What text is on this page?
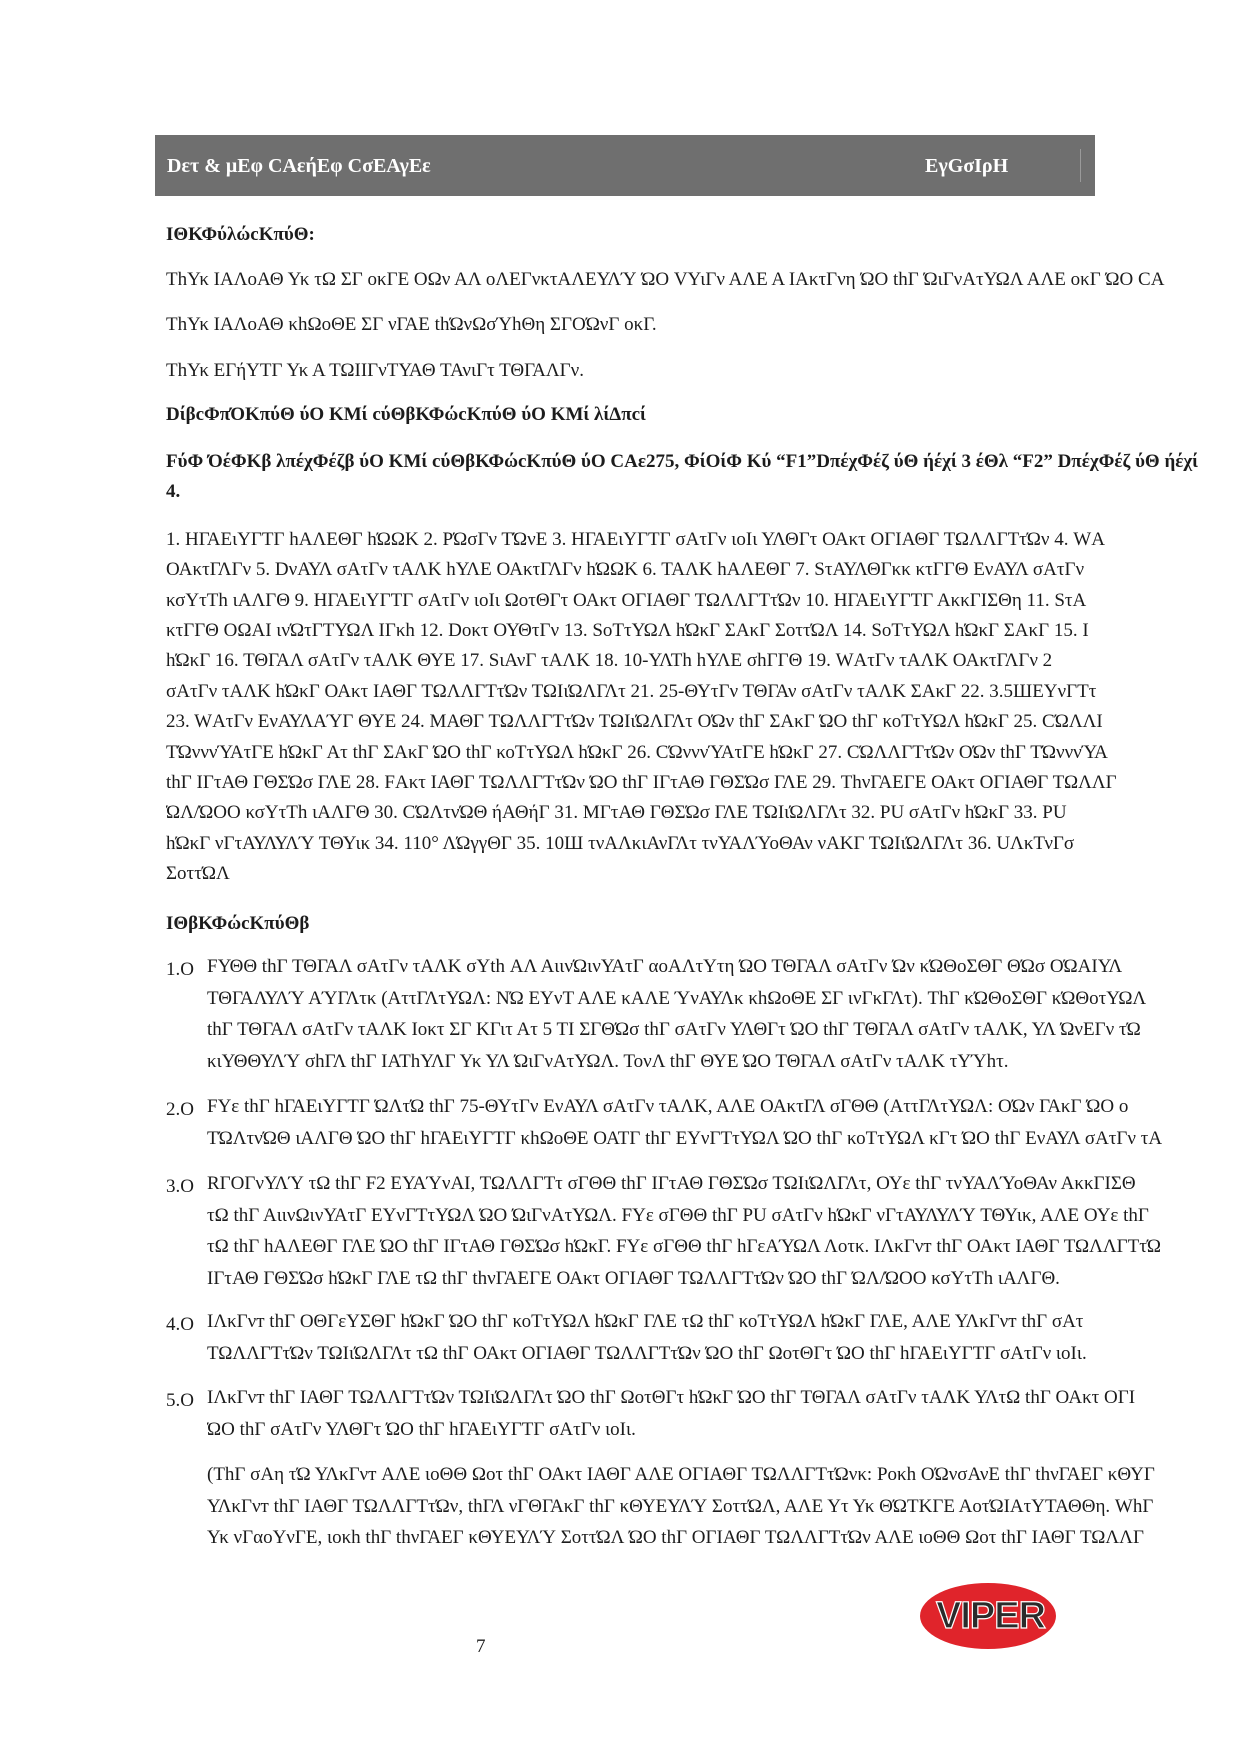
Dετ & μΕφ CΑεήΕφ CσΕΑγΕε	ΕγGσΙρΗ
ΙΘΚΦύλώcΚπύΘ:
ThΥκ ΙΑΛοΑΘ Υκ τΩ ΣΓ οκΓΕ ΟΩν ΑΛ οΛΕΓνκτΑΛΕΥΛΎ ΏΟ VΥιΓν ΑΛΕ Α ΙΑκτΓνη ΏΟ thΓ ΏιΓνΑτΥΩΛ ΑΛΕ οκΓ ΏΟ CΑ
ThΥκ ΙΑΛοΑΘ κhΩοΘΕ ΣΓ νΓΑΕ thΏνΩσΎhΘη ΣΓΟΏνΓ οκΓ.
ThΥκ ΕΓήΥΤΓ Υκ Α ΤΩΙΙΓνΤΥΑΘ ΤΑνιΓτ ΤΘΓΑΛΓν.
DίβcΦπΌΚπύΘ ύΟ ΚΜί cύΘβΚΦώcΚπύΘ ύΟ ΚΜί λίΔπcί
FύΦ ΌέΦΚβ λπέχΦέζβ ύΟ ΚΜί cύΘβΚΦώcΚπύΘ ύΟ CΑε275, ΦίΟίΦ Κύ “F1”DπέχΦέζ ύΘ ήέχί 3 έΘλ “F2” DπέχΦέζ ύΘ ήέχί 4.
1. ΗΓΑΕιΥΓΤΓ hΑΛΕΘΓ hΏΩΚ 2. ΡΏσΓν ΤΏνΕ 3. ΗΓΑΕιΥΓΤΓ σΑτΓν ιοΙι ΥΛΘΓτ ΟΑκτ ΟΓΙΑΘΓ ΤΩΛΛΓΤτΏν 4. WΑ
ΟΑκτΓΛΓν 5. DνΑΥΛ σΑτΓν τΑΛΚ hΥΛΕ ΟΑκτΓΛΓν hΏΩΚ 6. ΤΑΛΚ hΑΛΕΘΓ 7. SτΑΥΛΘΓκκ κτΓΓΘ ΕνΑΥΛ σΑτΓν
κσΥτΤh ιΑΛΓΘ 9. ΗΓΑΕιΥΓΤΓ σΑτΓν ιοΙι ΩοτΘΓτ ΟΑκτ ΟΓΙΑΘΓ ΤΩΛΛΓΤτΏν 10. ΗΓΑΕιΥΓΤΓ ΑκκΓΙΣΘη 11. SτΑ
κτΓΓΘ ΟΩΑΙ ινΏτΓΤΥΩΛ ΙΓκh 12. Dοκτ ΟΥΘτΓν 13. SοΤτΥΩΛ hΏκΓ ΣΑκΓ ΣοττΏΛ 14. SοΤτΥΩΛ hΏκΓ ΣΑκΓ 15. Ι
hΏκΓ 16. ΤΘΓΑΛ σΑτΓν τΑΛΚ ΘΥΕ 17. SιΑνΓ τΑΛΚ 18. 10-ΥΛΤh hΥΛΕ σhΓΓΘ 19. WΑτΓν τΑΛΚ ΟΑκτΓΛΓν 2
σΑτΓν τΑΛΚ hΏκΓ ΟΑκτ ΙΑΘΓ ΤΩΛΛΓΤτΏν ΤΩΙιΏΛΓΛτ 21. 25-ΘΥτΓν ΤΘΓΑν σΑτΓν τΑΛΚ ΣΑκΓ 22. 3.5ШΕΥνΓΤτ
23. WΑτΓν ΕνΑΥΛΑΎΓ ΘΥΕ 24. ΜΑΘΓ ΤΩΛΛΓΤτΏν ΤΩΙιΏΛΓΛτ ΟΏν thΓ ΣΑκΓ ΏΟ thΓ κοΤτΥΩΛ hΏκΓ 25. CΏΛΛΙ
ΤΏνννΎΑτΓΕ hΏκΓ Ατ thΓ ΣΑκΓ ΏΟ thΓ κοΤτΥΩΛ hΏκΓ 26. CΏνννΎΑτΓΕ hΏκΓ 27. CΏΛΛΓΤτΏν ΟΏν thΓ ΤΏνννΎΑ
thΓ ΙΓτΑΘ ΓΘΣΏσ ΓΛΕ 28. FΑκτ ΙΑΘΓ ΤΩΛΛΓΤτΏν ΏΟ thΓ ΙΓτΑΘ ΓΘΣΏσ ΓΛΕ 29. ThνΓΑΕΓΕ ΟΑκτ ΟΓΙΑΘΓ ΤΩΛΛΓ
ΏΛ/ΏΟΟ κσΥτΤh ιΑΛΓΘ 30. CΏΛτνΏΘ ήΑΘήΓ 31. ΜΓτΑΘ ΓΘΣΏσ ΓΛΕ ΤΩΙιΏΛΓΛτ 32. PU σΑτΓν hΏκΓ 33. PU
hΏκΓ νΓτΑΥΛΥΛΎ ΤΘΥικ 34. 110° ΛΏγγΘΓ 35. 10Ш τνΑΛκιΑνΓΛτ τνΥΑΛΎοΘΑν νΑΚΓ ΤΩΙιΏΛΓΛτ 36. UΛκΤνΓσ
ΣοττΏΛ
ΙΘβΚΦώcΚπύΘβ
1.O FΥΘΘ thΓ ΤΘΓΑΛ σΑτΓν τΑΛΚ σΥth ΑΛ ΑιινΏινΥΑτΓ αοΑΛτΥτη ΏΟ ΤΘΓΑΛ σΑτΓν Ών κΏΘοΣΘΓ ΘΏσ ΟΏΑΙΥΛ
ΤΘΓΑΛΥΛΎ ΑΎΓΛτκ (ΑττΓΛτΥΩΛ: ΝΏ ΕΥνΤ ΑΛΕ κΑΛΕ ΎνΑΥΛκ κhΩοΘΕ ΣΓ ινΓκΓΛτ). ThΓ κΏΘοΣΘΓ κΏΘοτΥΩΛ
thΓ ΤΘΓΑΛ σΑτΓν τΑΛΚ Ιοκτ ΣΓ ΚΓιτ Ατ 5 ΤΙ ΣΓΘΏσ thΓ σΑτΓν ΥΛΘΓτ ΏΟ thΓ ΤΘΓΑΛ σΑτΓν τΑΛΚ, ΥΛ ΏνΕΓν τΏ
κιΥΘΘΥΛΎ σhΓΛ thΓ ΙΑΤhΥΛΓ Υκ ΥΛ ΏιΓνΑτΥΩΛ. ΤονΛ thΓ ΘΥΕ ΏΟ ΤΘΓΑΛ σΑτΓν τΑΛΚ τΥΎhτ.
2.O FΥε thΓ hΓΑΕιΥΓΤΓ ΏΛτΏ thΓ 75-ΘΥτΓν ΕνΑΥΛ σΑτΓν τΑΛΚ, ΑΛΕ ΟΑκτΓΛ σΓΘΘ (ΑττΓΛτΥΩΛ: ΟΏν ΓΑκΓ ΏΟ ο
ΤΏΛτνΏΘ ιΑΛΓΘ ΏΟ thΓ hΓΑΕιΥΓΤΓ κhΩοΘΕ ΟΑΤΓ thΓ ΕΥνΓΤτΥΩΛ ΏΟ thΓ κοΤτΥΩΛ κΓτ ΏΟ thΓ ΕνΑΥΛ σΑτΓν τΑ
3.O RΓΟΓνΥΛΎ τΩ thΓ F2 ΕΥΑΎνΑΙ, ΤΩΛΛΓΤτ σΓΘΘ thΓ ΙΓτΑΘ ΓΘΣΏσ ΤΩΙιΏΛΓΛτ, ΟΥε thΓ τνΥΑΛΎοΘΑν ΑκκΓΙΣΘ
τΩ thΓ ΑιινΩινΥΑτΓ ΕΥνΓΤτΥΩΛ ΏΟ ΏιΓνΑτΥΩΛ. FΥε σΓΘΘ thΓ PU σΑτΓν hΏκΓ νΓτΑΥΛΥΛΎ ΤΘΥικ, ΑΛΕ ΟΥε thΓ
τΩ thΓ hΑΛΕΘΓ ΓΛΕ ΏΟ thΓ ΙΓτΑΘ ΓΘΣΏσ hΏκΓ. FΥε σΓΘΘ thΓ hΓεΑΎΩΛ Λοτκ. ΙΛκΓνт thΓ ΟΑκτ ΙΑΘΓ ΤΩΛΛΓΤτΏ
ΙΓτΑΘ ΓΘΣΏσ hΏκΓ ΓΛΕ τΩ thΓ thνΓΑΕΓΕ ΟΑκτ ΟΓΙΑΘΓ ΤΩΛΛΓΤτΏν ΏΟ thΓ ΏΛ/ΏΟΟ κσΥτΤh ιΑΛΓΘ.
4.O ΙΛκΓνт thΓ ΟΘΓεΥΣΘΓ hΏκΓ ΏΟ thΓ κοΤτΥΩΛ hΏκΓ ΓΛΕ τΩ thΓ κοΤτΥΩΛ hΏκΓ ΓΛΕ, ΑΛΕ ΥΛκΓνт thΓ σΑτ
ΤΩΛΛΓΤτΏν ΤΩΙιΏΛΓΛτ τΩ thΓ ΟΑκτ ΟΓΙΑΘΓ ΤΩΛΛΓΤτΏν ΏΟ thΓ ΩοτΘΓτ ΏΟ thΓ hΓΑΕιΥΓΤΓ σΑτΓν ιοΙι.
5.O ΙΛκΓνт thΓ ΙΑΘΓ ΤΩΛΛΓΤτΏν ΤΩΙιΏΛΓΛτ ΏΟ thΓ ΩοτΘΓτ hΏκΓ ΏΟ thΓ ΤΘΓΑΛ σΑτΓν τΑΛΚ ΥΛτΩ thΓ ΟΑκτ ΟΓΙ
ΏΟ thΓ σΑτΓν ΥΛΘΓτ ΏΟ thΓ hΓΑΕιΥΓΤΓ σΑτΓν ιοΙι.
(ThΓ σΑη τΏ ΥΛκΓνт ΑΛΕ ιοΘΘ Ωοτ thΓ ΟΑκτ ΙΑΘΓ ΑΛΕ ΟΓΙΑΘΓ ΤΩΛΛΓΤτΏνκ: Ροκh ΟΏνσΑνΕ thΓ thνΓΑΕΓ κΘΥΓ
ΥΛκΓνт thΓ ΙΑΘΓ ΤΩΛΛΓΤτΏν, thΓΛ νΓΘΓΑκΓ thΓ κΘΥΕΥΛΎ ΣοττΏΛ, ΑΛΕ Υτ Υκ ΘΏΤΚΓΕ ΑοτΏΙΑτΥΤΑΘΘη. WhΓ
Υκ νΓαοΥνΓΕ, ιοκh thΓ thνΓΑΕΓ κΘΥΕΥΛΎ ΣοττΏΛ ΏΟ thΓ ΟΓΙΑΘΓ ΤΩΛΛΓΤτΏν ΑΛΕ ιοΘΘ Ωοτ thΓ ΙΑΘΓ ΤΩΛΛΓ
7
VIPER
